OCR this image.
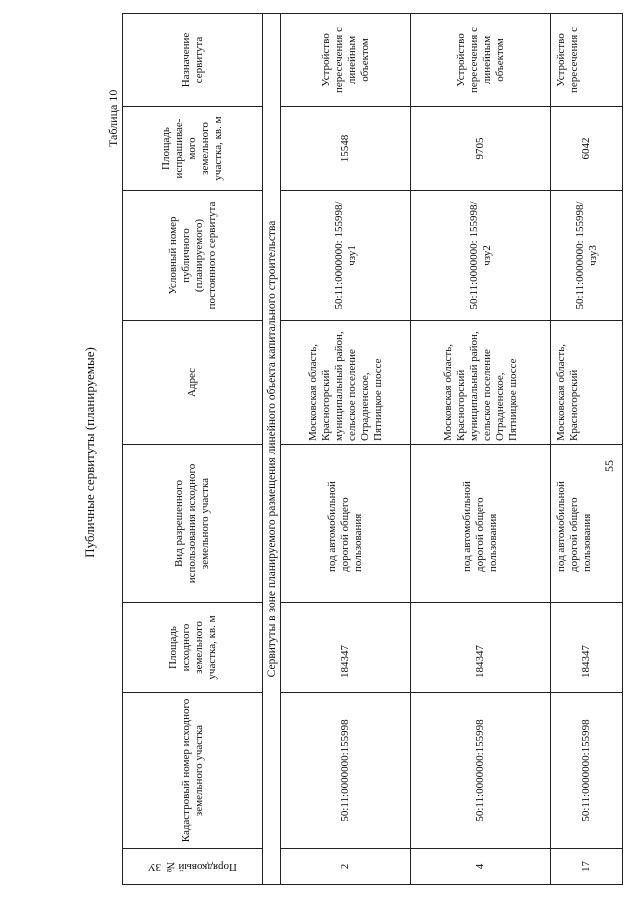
55
Публичные сервитуты (планируемые)
Таблица 10
Порядковый № ЗУ
Кадастровый номер исходного земельного участка
Площадь исходного земельного участка, кв. м
Вид разрешенного использования исходного земельного участка
Адрес
Условный номер публичного (планируемого) постоянного сервитута
Площадь испрашивае-мого земельного участка, кв. м
Назначение сервитута
Сервитуты в зоне планируемого размещения линейного объекта капитального строительства
2
50:11:0000000:155998
184347
под автомобильной дорогой общего пользования
Московская область, Красногорский муниципальный район, сельское поселение Отрадненское, Пятницкое шоссе
50:11:0000000: 155998/чзу1
15548
Устройство пересечения с линейным объектом
4
50:11:0000000:155998
184347
под автомобильной дорогой общего пользования
Московская область, Красногорский муниципальный район, сельское поселение Отрадненское, Пятницкое шоссе
50:11:0000000: 155998/чзу2
9705
Устройство пересечения с линейным объектом
17
50:11:0000000:155998
184347
под автомобильной дорогой общего пользования
Московская область, Красногорский
50:11:0000000: 155998/чзу3
6042
Устройство пересечения с
